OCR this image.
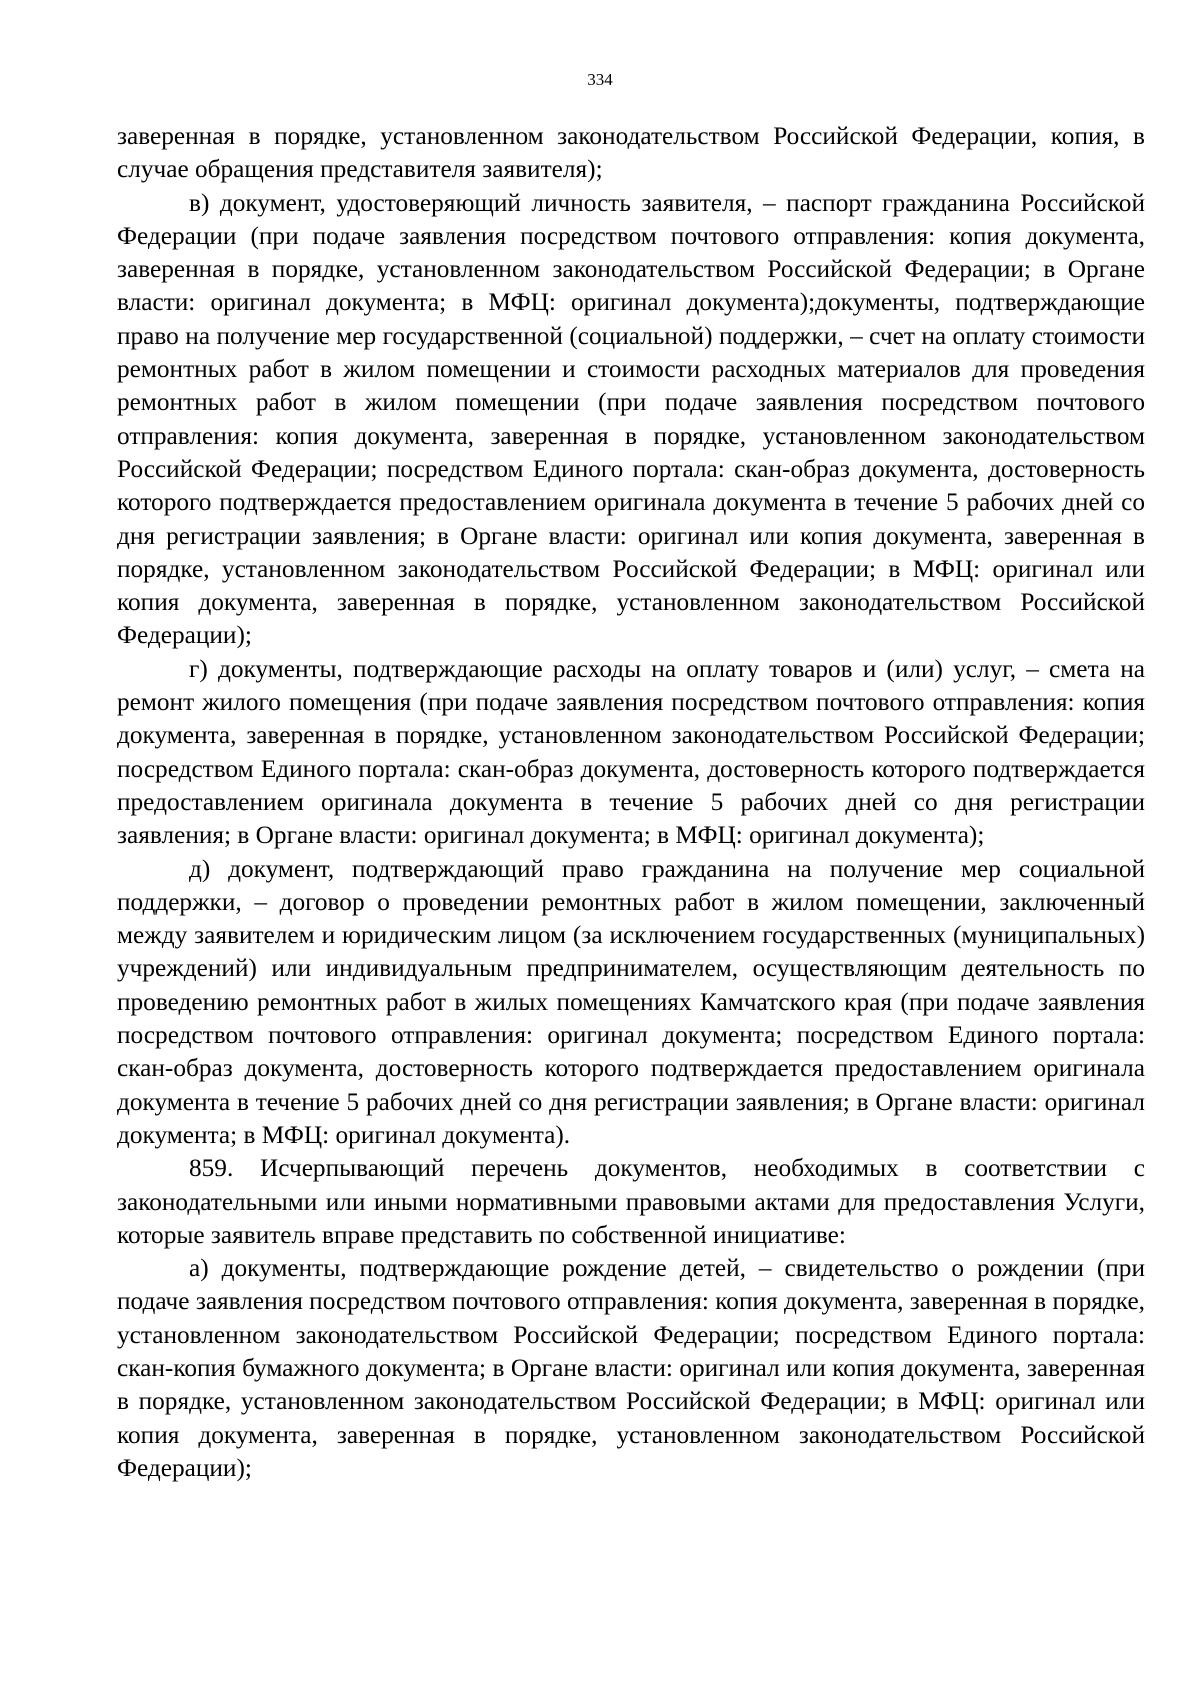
334

заверенная в порядке, установленном законодательством Российской Федерации, копия, в случае обращения представителя заявителя);

в) документ, удостоверяющий личность заявителя, – паспорт гражданина Российской Федерации (при подаче заявления посредством почтового отправления: копия документа, заверенная в порядке, установленном законодательством Российской Федерации; в Органе власти: оригинал документа; в МФЦ: оригинал документа);документы, подтверждающие право на получение мер государственной (социальной) поддержки, – счет на оплату стоимости ремонтных работ в жилом помещении и стоимости расходных материалов для проведения ремонтных работ в жилом помещении (при подаче заявления посредством почтового отправления: копия документа, заверенная в порядке, установленном законодательством Российской Федерации; посредством Единого портала: скан-образ документа, достоверность которого подтверждается предоставлением оригинала документа в течение 5 рабочих дней со дня регистрации заявления; в Органе власти: оригинал или копия документа, заверенная в порядке, установленном законодательством Российской Федерации; в МФЦ: оригинал или копия документа, заверенная в порядке, установленном законодательством Российской Федерации);

г) документы, подтверждающие расходы на оплату товаров и (или) услуг, – смета на ремонт жилого помещения (при подаче заявления посредством почтового отправления: копия документа, заверенная в порядке, установленном законодательством Российской Федерации; посредством Единого портала: скан-образ документа, достоверность которого подтверждается предоставлением оригинала документа в течение 5 рабочих дней со дня регистрации заявления; в Органе власти: оригинал документа; в МФЦ: оригинал документа);

д) документ, подтверждающий право гражданина на получение мер социальной поддержки, – договор о проведении ремонтных работ в жилом помещении, заключенный между заявителем и юридическим лицом (за исключением государственных (муниципальных) учреждений) или индивидуальным предпринимателем, осуществляющим деятельность по проведению ремонтных работ в жилых помещениях Камчатского края (при подаче заявления посредством почтового отправления: оригинал документа; посредством Единого портала: скан-образ документа, достоверность которого подтверждается предоставлением оригинала документа в течение 5 рабочих дней со дня регистрации заявления; в Органе власти: оригинал документа; в МФЦ: оригинал документа).

859. Исчерпывающий перечень документов, необходимых в соответствии с законодательными или иными нормативными правовыми актами для предоставления Услуги, которые заявитель вправе представить по собственной инициативе:

а) документы, подтверждающие рождение детей, – свидетельство о рождении (при подаче заявления посредством почтового отправления: копия документа, заверенная в порядке, установленном законодательством Российской Федерации; посредством Единого портала: скан-копия бумажного документа; в Органе власти: оригинал или копия документа, заверенная в порядке, установленном законодательством Российской Федерации; в МФЦ: оригинал или копия документа, заверенная в порядке, установленном законодательством Российской Федерации);
